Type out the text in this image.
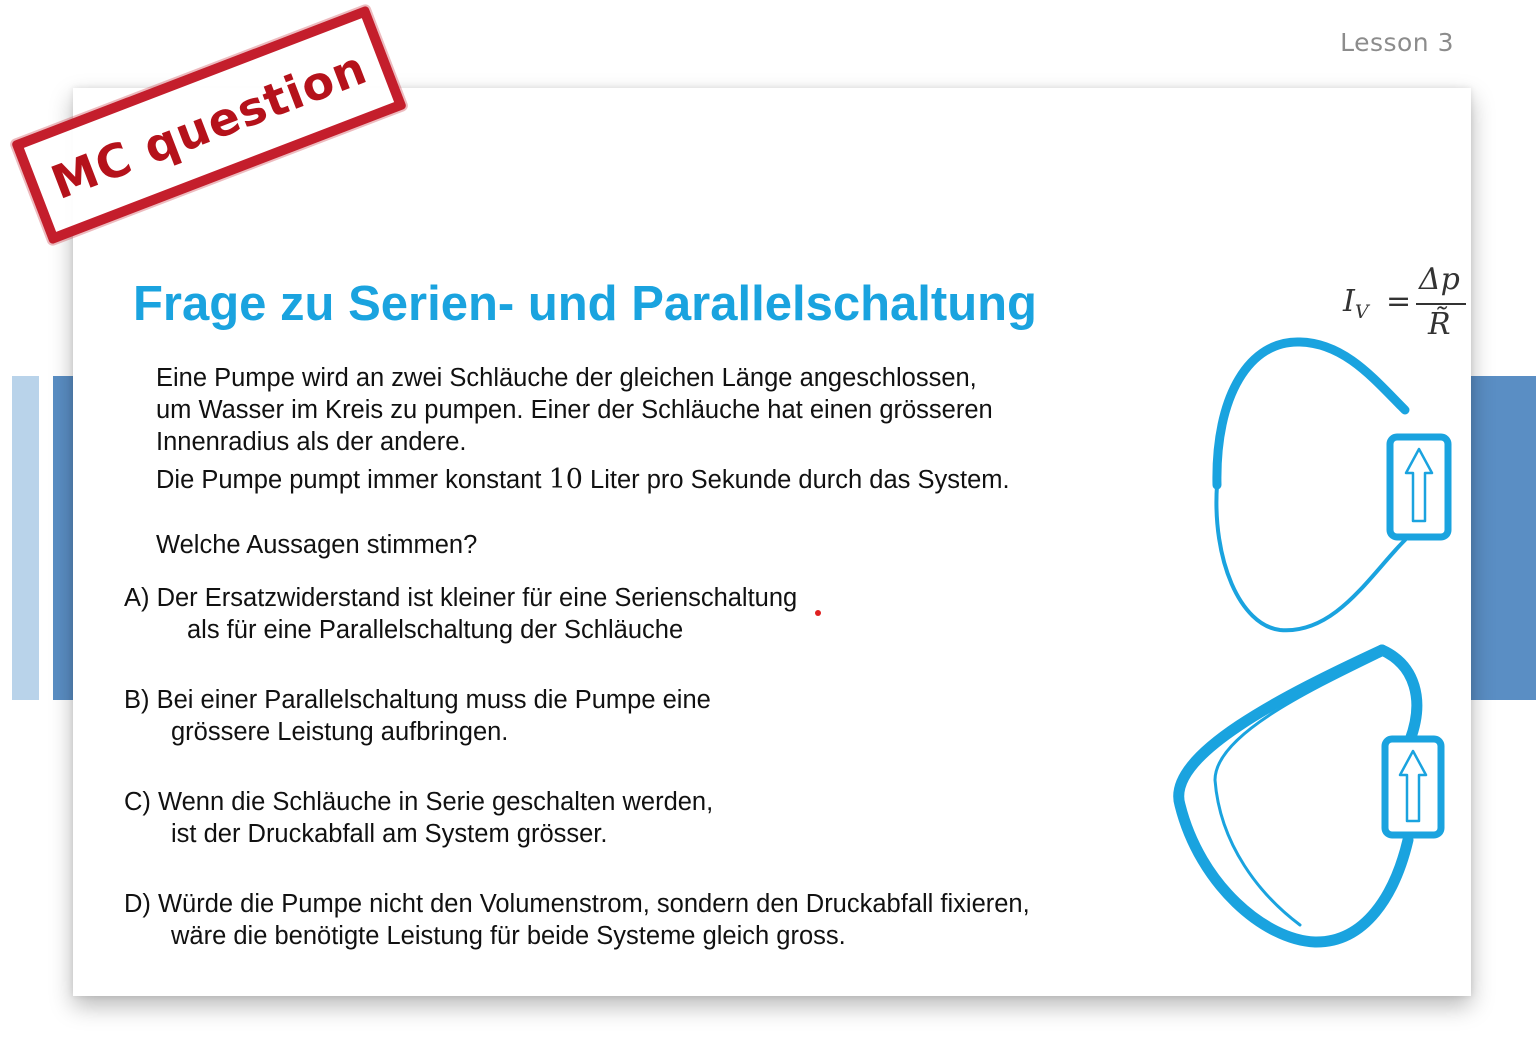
Lesson 3
Frage zu Serien- und Parallelschaltung
Eine Pumpe wird an zwei Schläuche der gleichen Länge angeschlossen,
um Wasser im Kreis zu pumpen. Einer der Schläuche hat einen grösseren
Innenradius als der andere.
Die Pumpe pumpt immer konstant 10 Liter pro Sekunde durch das System.
Welche Aussagen stimmen?
A) Der Ersatzwiderstand ist kleiner für eine Serienschaltung
als für eine Parallelschaltung der Schläuche
B) Bei einer Parallelschaltung muss die Pumpe eine
grössere Leistung aufbringen.
C) Wenn die Schläuche in Serie geschalten werden,
ist der Druckabfall am System grösser.
D) Würde die Pumpe nicht den Volumenstrom, sondern den Druckabfall fixieren,
wäre die benötigte Leistung für beide Systeme gleich gross.
$I_V$ =
Δp
R̃
MC question
